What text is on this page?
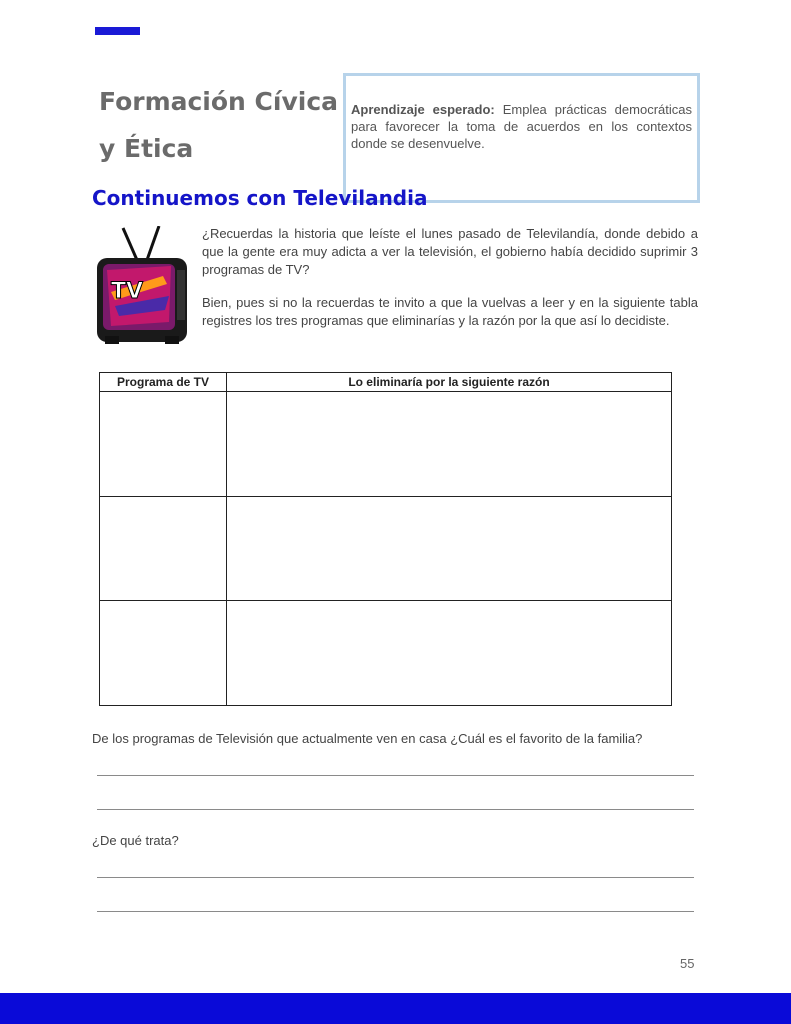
Formación Cívica y Ética
Aprendizaje esperado: Emplea prácticas democráticas para favorecer la toma de acuerdos en los contextos donde se desenvuelve.
Continuemos con Televilandia
TV

¿Recuerdas la historia que leíste el lunes pasado de Televilandía, donde debido a que la gente era muy adicta a ver la televisión, el gobierno había decidido suprimir 3 programas de TV?

Bien, pues si no la recuerdas te invito a que la vuelvas a leer y en la siguiente tabla registres los tres programas que eliminarías y la razón por la que así lo decidiste.

Programa de TV	Lo eliminaría por la siguiente razón

De los programas de Televisión que actualmente ven en casa ¿Cuál es el favorito de la familia?
¿De qué trata?
55
